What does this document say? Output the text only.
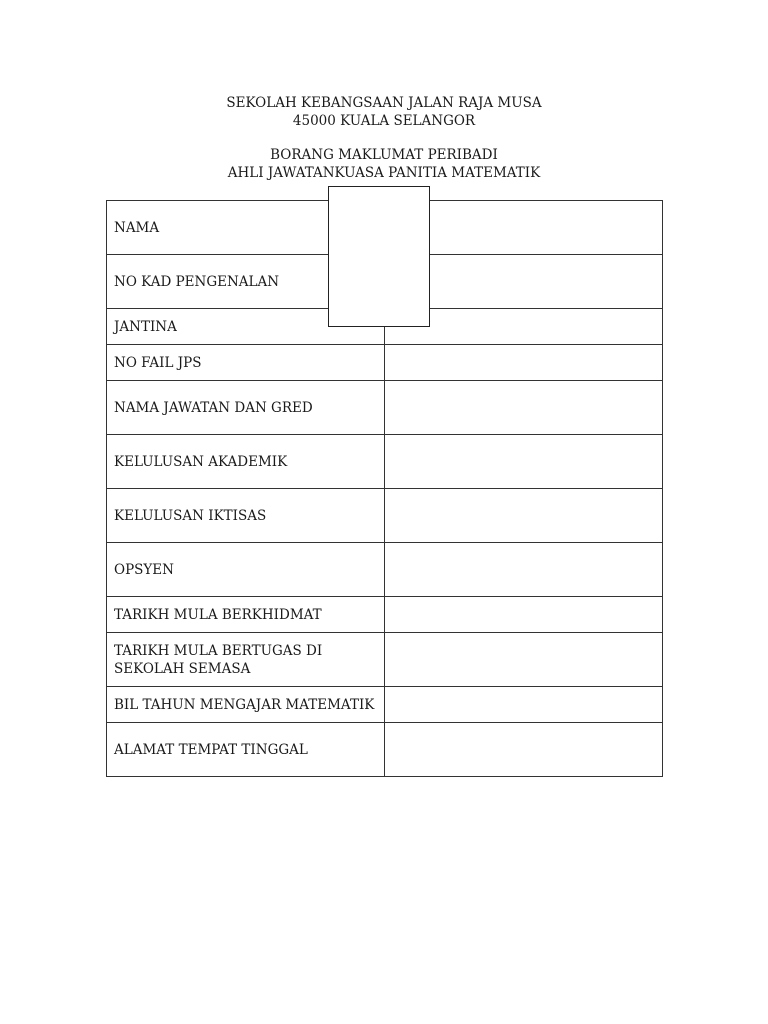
SEKOLAH KEBANGSAAN JALAN RAJA MUSA
45000 KUALA SELANGOR
BORANG MAKLUMAT PERIBADI
AHLI JAWATANKUASA PANITIA MATEMATIK
NAMA	
NO KAD PENGENALAN	
JANTINA	
NO FAIL JPS	
NAMA JAWATAN DAN GRED	
KELULUSAN AKADEMIK	
KELULUSAN IKTISAS	
OPSYEN	
TARIKH MULA BERKHIDMAT	
TARIKH MULA BERTUGAS DI SEKOLAH SEMASA	
BIL TAHUN MENGAJAR MATEMATIK	
ALAMAT TEMPAT TINGGAL	
